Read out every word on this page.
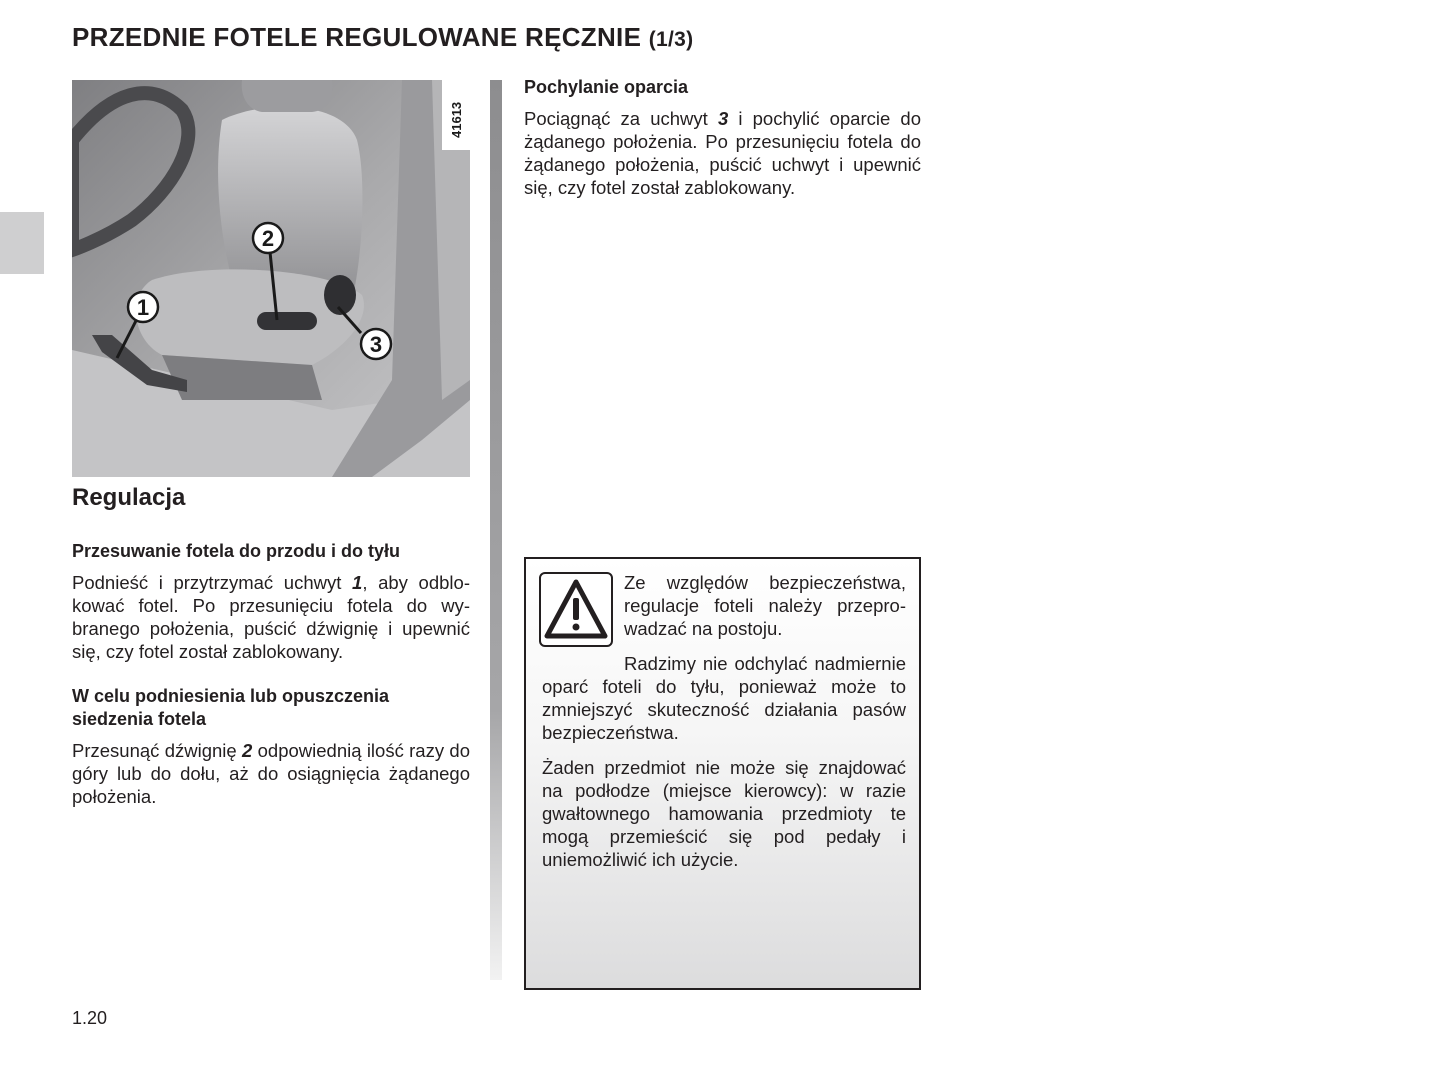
PRZEDNIE FOTELE REGULOWANE RĘCZNIE (1/3)
1
2
3
41613
Regulacja
Przesuwanie fotela do przodu i do tyłu

Podnieść i przytrzymać uchwyt 1, aby odblokować fotel. Po przesunięciu fotela do wybranego położenia, puścić dźwignię i upewnić się, czy fotel został zablokowany.

W celu podniesienia lub opuszczenia siedzenia fotela

Przesunąć dźwignię 2 odpowiednią ilość razy do góry lub do dołu, aż do osiągnięcia żądanego położenia.

Pochylanie oparcia

Pociągnąć za uchwyt 3 i pochylić oparcie do żądanego położenia. Po przesunięciu fotela do żądanego położenia, puścić uchwyt i upewnić się, czy fotel został zablokowany.

Ze względów bezpieczeństwa, regulacje foteli należy przeprowadzać na postoju.

Radzimy nie odchylać nadmiernie oparć foteli do tyłu, ponieważ może to zmniejszyć skuteczność działania pasów bezpieczeństwa.

Żaden przedmiot nie może się znajdować na podłodze (miejsce kierowcy): w razie gwałtownego hamowania przedmioty te mogą przemieścić się pod pedały i uniemożliwić ich użycie.

1.20
